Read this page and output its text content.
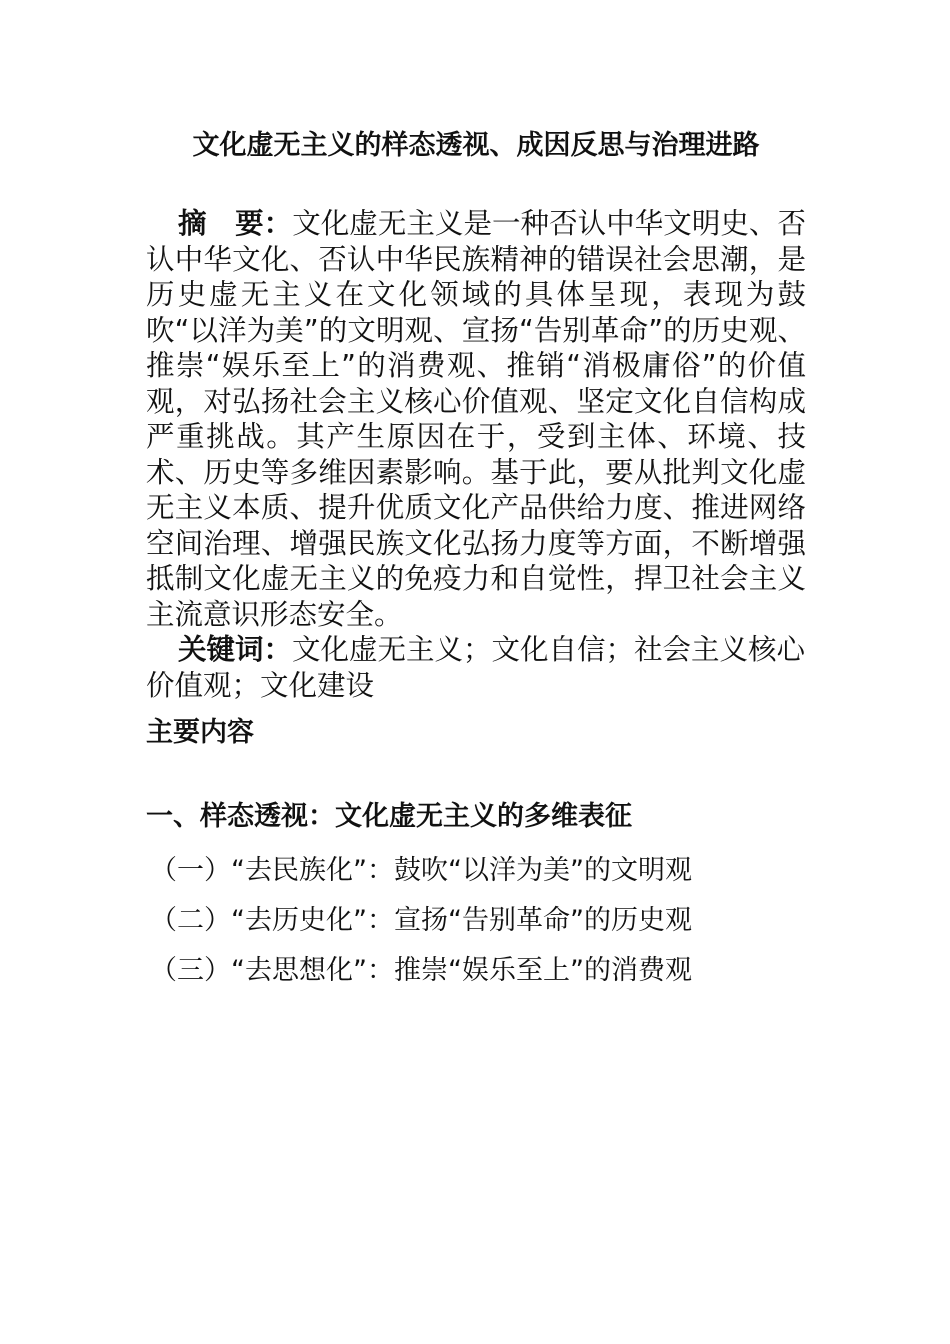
文化虚无主义的样态透视、成因反思与治理进路

摘　要：文化虚无主义是一种否认中华文明史、否认中华文化、否认中华民族精神的错误社会思潮，是历史虚无主义在文化领域的具体呈现，表现为鼓吹“以洋为美”的文明观、宣扬“告别革命”的历史观、推崇“娱乐至上”的消费观、推销“消极庸俗”的价值观，对弘扬社会主义核心价值观、坚定文化自信构成严重挑战。其产生原因在于，受到主体、环境、技术、历史等多维因素影响。基于此，要从批判文化虚无主义本质、提升优质文化产品供给力度、推进网络空间治理、增强民族文化弘扬力度等方面，不断增强抵制文化虚无主义的免疫力和自觉性，捍卫社会主义主流意识形态安全。

关键词：文化虚无主义；文化自信；社会主义核心价值观；文化建设

主要内容
一、样态透视：文化虚无主义的多维表征
（一）“去民族化”：鼓吹“以洋为美”的文明观
（二）“去历史化”：宣扬“告别革命”的历史观
（三）“去思想化”：推崇“娱乐至上”的消费观
